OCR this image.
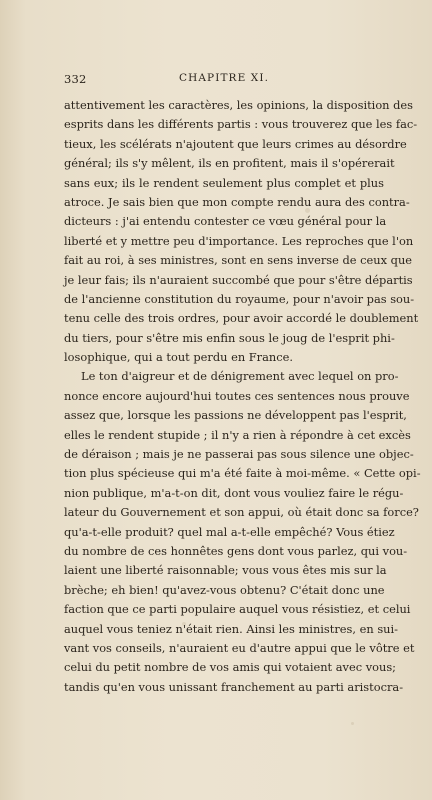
332	CHAPITRE XI.
attentivement les caractères, les opinions, la disposition des
esprits dans les différents partis : vous trouverez que les fac-
tieux, les scélérats n'ajoutent que leurs crimes au désordre
général; ils s'y mêlent, ils en profitent, mais il s'opérerait
sans eux; ils le rendent seulement plus complet et plus
atroce. Je sais bien que mon compte rendu aura des contra-
dicteurs : j'ai entendu contester ce vœu général pour la
liberté et y mettre peu d'importance. Les reproches que l'on
fait au roi, à ses ministres, sont en sens inverse de ceux que
je leur fais; ils n'auraient succombé que pour s'être départis
de l'ancienne constitution du royaume, pour n'avoir pas sou-
tenu celle des trois ordres, pour avoir accordé le doublement
du tiers, pour s'être mis enfin sous le joug de l'esprit phi-
losophique, qui a tout perdu en France.
Le ton d'aigreur et de dénigrement avec lequel on pro-
nonce encore aujourd'hui toutes ces sentences nous prouve
assez que, lorsque les passions ne développent pas l'esprit,
elles le rendent stupide ; il n'y a rien à répondre à cet excès
de déraison ; mais je ne passerai pas sous silence une objec-
tion plus spécieuse qui m'a été faite à moi-même. « Cette opi-
nion publique, m'a-t-on dit, dont vous vouliez faire le régu-
lateur du Gouvernement et son appui, où était donc sa force?
qu'a-t-elle produit? quel mal a-t-elle empêché? Vous étiez
du nombre de ces honnêtes gens dont vous parlez, qui vou-
laient une liberté raisonnable; vous vous êtes mis sur la
brèche; eh bien! qu'avez-vous obtenu? C'était donc une
faction que ce parti populaire auquel vous résistiez, et celui
auquel vous teniez n'était rien. Ainsi les ministres, en sui-
vant vos conseils, n'auraient eu d'autre appui que le vôtre et
celui du petit nombre de vos amis qui votaient avec vous;
tandis qu'en vous unissant franchement au parti aristocra-
